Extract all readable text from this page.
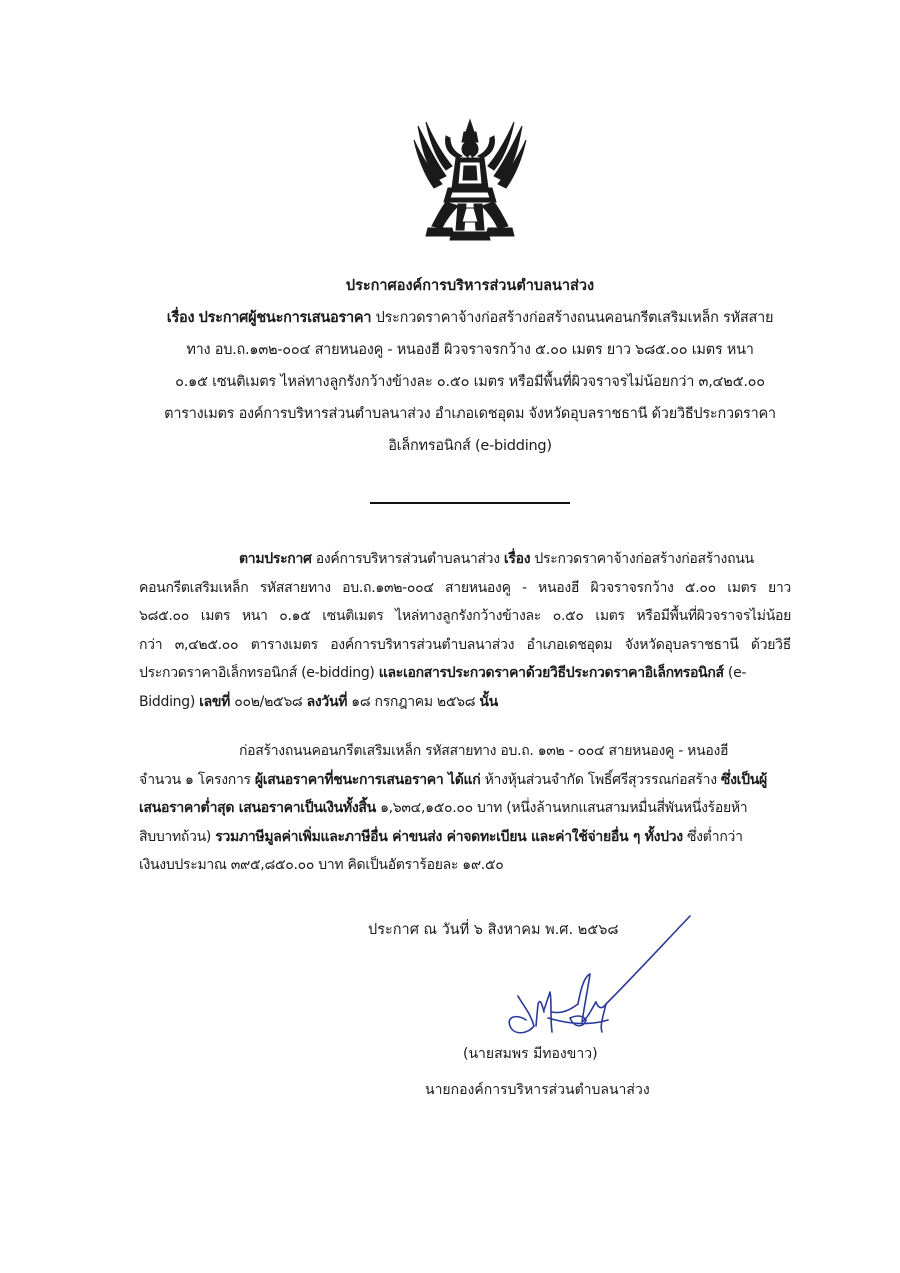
ประกาศองค์การบริหารส่วนตำบลนาส่วง
เรื่อง ประกาศผู้ชนะการเสนอราคา ประกวดราคาจ้างก่อสร้างก่อสร้างถนนคอนกรีตเสริมเหล็ก รหัสสาย
ทาง อบ.ถ.๑๓๒-๐๐๔ สายหนองคู - หนองฮี ผิวจราจรกว้าง ๕.๐๐ เมตร ยาว ๖๘๕.๐๐ เมตร หนา
๐.๑๕ เซนติเมตร ไหล่ทางลูกรังกว้างข้างละ ๐.๕๐ เมตร หรือมีพื้นที่ผิวจราจรไม่น้อยกว่า ๓,๔๒๕.๐๐
ตารางเมตร องค์การบริหารส่วนตำบลนาส่วง อำเภอเดชอุดม จังหวัดอุบลราชธานี ด้วยวิธีประกวดราคา
อิเล็กทรอนิกส์ (e-bidding)
ตามประกาศ องค์การบริหารส่วนตำบลนาส่วง เรื่อง ประกวดราคาจ้างก่อสร้างก่อสร้างถนน
คอนกรีตเสริมเหล็ก รหัสสายทาง อบ.ถ.๑๓๒-๐๐๔ สายหนองคู - หนองฮี ผิวจราจรกว้าง ๕.๐๐ เมตร ยาว
๖๘๕.๐๐ เมตร หนา ๐.๑๕ เซนติเมตร ไหล่ทางลูกรังกว้างข้างละ ๐.๕๐ เมตร หรือมีพื้นที่ผิวจราจรไม่น้อย
กว่า ๓,๔๒๕.๐๐ ตารางเมตร องค์การบริหารส่วนตำบลนาส่วง อำเภอเดชอุดม จังหวัดอุบลราชธานี ด้วยวิธี
ประกวดราคาอิเล็กทรอนิกส์ (e-bidding) และเอกสารประกวดราคาด้วยวิธีประกวดราคาอิเล็กทรอนิกส์ (e-
Bidding) เลขที่ ๐๐๒/๒๕๖๘ ลงวันที่ ๑๘ กรกฎาคม ๒๕๖๘ นั้น
ก่อสร้างถนนคอนกรีตเสริมเหล็ก รหัสสายทาง อบ.ถ. ๑๓๒ - ๐๐๔ สายหนองคู - หนองฮี
จำนวน ๑ โครงการ ผู้เสนอราคาที่ชนะการเสนอราคา ได้แก่ ห้างหุ้นส่วนจำกัด โพธิ์ศรีสุวรรณก่อสร้าง ซึ่งเป็นผู้
เสนอราคาต่ำสุด เสนอราคาเป็นเงินทั้งสิ้น ๑,๖๓๔,๑๕๐.๐๐ บาท (หนึ่งล้านหกแสนสามหมื่นสี่พันหนึ่งร้อยห้า
สิบบาทถ้วน) รวมภาษีมูลค่าเพิ่มและภาษีอื่น ค่าขนส่ง ค่าจดทะเบียน และค่าใช้จ่ายอื่น ๆ ทั้งปวง ซึ่งต่ำกว่า
เงินงบประมาณ ๓๙๕,๘๕๐.๐๐ บาท คิดเป็นอัตราร้อยละ ๑๙.๕๐
ประกาศ ณ วันที่ ๖ สิงหาคม พ.ศ. ๒๕๖๘
(นายสมพร มีทองขาว)
นายกองค์การบริหารส่วนตำบลนาส่วง
